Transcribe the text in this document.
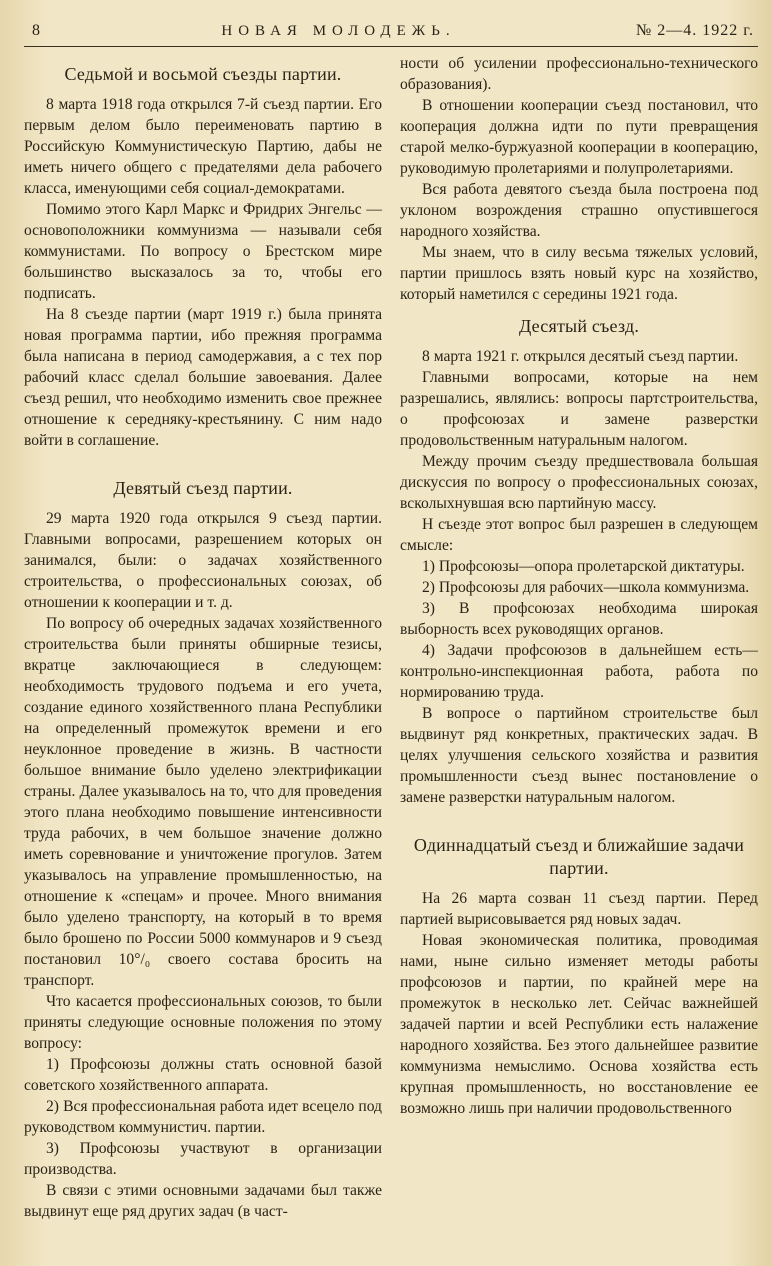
8	НОВАЯ МОЛОДЕЖЬ.	№ 2—4. 1922 г.
Седьмой и восьмой съезды партии.

8 марта 1918 года открылся 7-й съезд партии. Его первым делом было переименовать партию в Российскую Коммунистическую Партию, дабы не иметь ничего общего с предателями дела рабочего класса, именующими себя социал-демократами.

Помимо этого Карл Маркс и Фридрих Энгельс — основоположники коммунизма — называли себя коммунистами. По вопросу о Брестском мире большинство высказалось за то, чтобы его подписать.

На 8 съезде партии (март 1919 г.) была принята новая программа партии, ибо прежняя программа была написана в период самодержавия, а с тех пор рабочий класс сделал большие завоевания. Далее съезд решил, что необходимо изменить свое прежнее отношение к середняку-крестьянину. С ним надо войти в соглашение.

Девятый съезд партии.

29 марта 1920 года открылся 9 съезд партии. Главными вопросами, разрешением которых он занимался, были: о задачах хозяйственного строительства, о профессиональных союзах, об отношении к кооперации и т. д.

По вопросу об очередных задачах хозяйственного строительства были приняты обширные тезисы, вкратце заключающиеся в следующем: необходимость трудового подъема и его учета, создание единого хозяйственного плана Республики на определенный промежуток времени и его неуклонное проведение в жизнь. В частности большое внимание было уделено электрификации страны. Далее указывалось на то, что для проведения этого плана необходимо повышение интенсивности труда рабочих, в чем большое значение должно иметь соревнование и уничтожение прогулов. Затем указывалось на управление промышленностью, на отношение к «спецам» и прочее. Много внимания было уделено транспорту, на который в то время было брошено по России 5000 коммунаров и 9 съезд постановил 10°/₀ своего состава бросить на транспорт.

Что касается профессиональных союзов, то были приняты следующие основные положения по этому вопросу:

1) Профсоюзы должны стать основной базой советского хозяйственного аппарата.

2) Вся профессиональная работа идет всецело под руководством коммунистич. партии.

3) Профсоюзы участвуют в организации производства.

В связи с этими основными задачами был также выдвинут еще ряд других задач (в част-

ности об усилении профессионально-технического образования).

В отношении кооперации съезд постановил, что кооперация должна идти по пути превращения старой мелко-буржуазной кооперации в кооперацию, руководимую пролетариями и полупролетариями.

Вся работа девятого съезда была построена под уклоном возрождения страшно опустившегося народного хозяйства.

Мы знаем, что в силу весьма тяжелых условий, партии пришлось взять новый курс на хозяйство, который наметился с середины 1921 года.

Десятый съезд.

8 марта 1921 г. открылся десятый съезд партии.

Главными вопросами, которые на нем разрешались, являлись: вопросы партстроительства, о профсоюзах и замене разверстки продовольственным натуральным налогом.

Между прочим съезду предшествовала большая дискуссия по вопросу о профессиональных союзах, всколыхнувшая всю партийную массу.

Н съезде этот вопрос был разрешен в следующем смысле:

1) Профсоюзы—опора пролетарской диктатуры.

2) Профсоюзы для рабочих—школа коммунизма.

3) В профсоюзах необходима широкая выборность всех руководящих органов.

4) Задачи профсоюзов в дальнейшем есть—контрольно-инспекционная работа, работа по нормированию труда.

В вопросе о партийном строительстве был выдвинут ряд конкретных, практических задач. В целях улучшения сельского хозяйства и развития промышленности съезд вынес постановление о замене разверстки натуральным налогом.

Одиннадцатый съезд и ближайшие задачи партии.

На 26 марта созван 11 съезд партии. Перед партией вырисовывается ряд новых задач.

Новая экономическая политика, проводимая нами, ныне сильно изменяет методы работы профсоюзов и партии, по крайней мере на промежуток в несколько лет. Сейчас важнейшей задачей партии и всей Республики есть налажение народного хозяйства. Без этого дальнейшее развитие коммунизма немыслимо. Основа хозяйства есть крупная промышленность, но восстановление ее возможно лишь при наличии продовольственного
